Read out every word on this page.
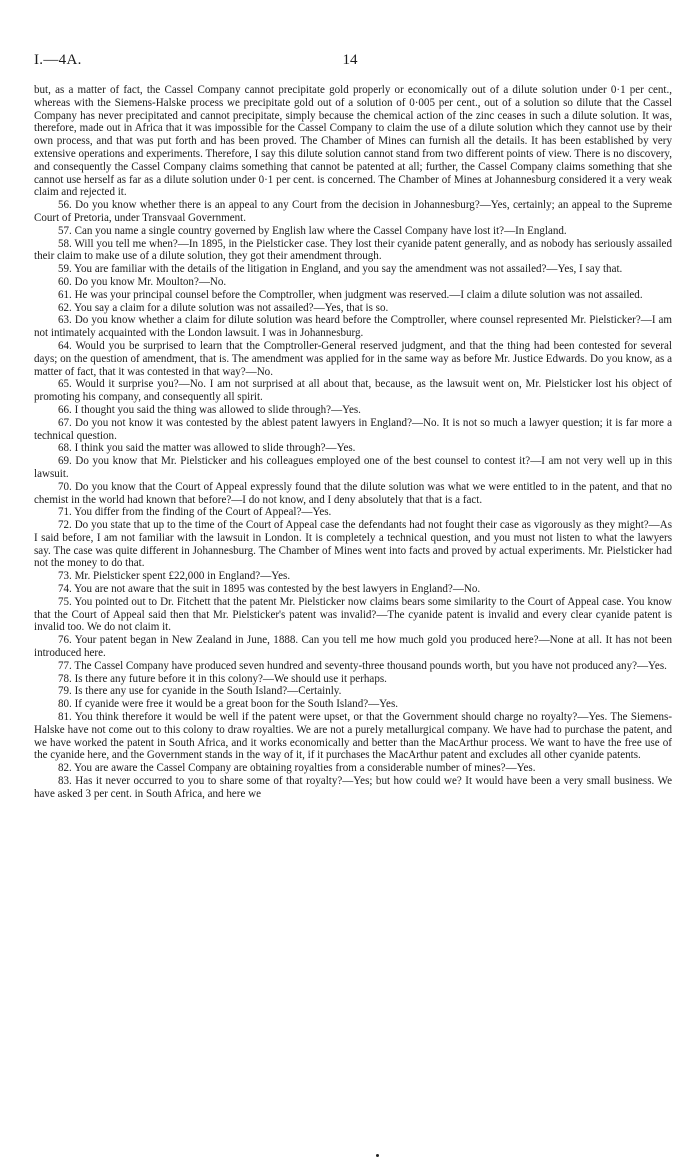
I.—4A.	14

but, as a matter of fact, the Cassel Company cannot precipitate gold properly or economically out of a dilute solution under 0·1 per cent., whereas with the Siemens-Halske process we precipitate gold out of a solution of 0·005 per cent., out of a solution so dilute that the Cassel Company has never precipitated and cannot precipitate, simply because the chemical action of the zinc ceases in such a dilute solution. It was, therefore, made out in Africa that it was impossible for the Cassel Company to claim the use of a dilute solution which they cannot use by their own process, and that was put forth and has been proved. The Chamber of Mines can furnish all the details. It has been established by very extensive operations and experiments. Therefore, I say this dilute solution cannot stand from two different points of view. There is no discovery, and consequently the Cassel Company claims something that cannot be patented at all; further, the Cassel Company claims something that she cannot use herself as far as a dilute solution under 0·1 per cent. is concerned. The Chamber of Mines at Johannesburg considered it a very weak claim and rejected it.

56. Do you know whether there is an appeal to any Court from the decision in Johannesburg?—Yes, certainly; an appeal to the Supreme Court of Pretoria, under Transvaal Government.

57. Can you name a single country governed by English law where the Cassel Company have lost it?—In England.

58. Will you tell me when?—In 1895, in the Pielsticker case. They lost their cyanide patent generally, and as nobody has seriously assailed their claim to make use of a dilute solution, they got their amendment through.

59. You are familiar with the details of the litigation in England, and you say the amendment was not assailed?—Yes, I say that.

60. Do you know Mr. Moulton?—No.

61. He was your principal counsel before the Comptroller, when judgment was reserved.—I claim a dilute solution was not assailed.

62. You say a claim for a dilute solution was not assailed?—Yes, that is so.

63. Do you know whether a claim for dilute solution was heard before the Comptroller, where counsel represented Mr. Pielsticker?—I am not intimately acquainted with the London lawsuit. I was in Johannesburg.

64. Would you be surprised to learn that the Comptroller-General reserved judgment, and that the thing had been contested for several days; on the question of amendment, that is. The amendment was applied for in the same way as before Mr. Justice Edwards. Do you know, as a matter of fact, that it was contested in that way?—No.

65. Would it surprise you?—No. I am not surprised at all about that, because, as the lawsuit went on, Mr. Pielsticker lost his object of promoting his company, and consequently all spirit.

66. I thought you said the thing was allowed to slide through?—Yes.

67. Do you not know it was contested by the ablest patent lawyers in England?—No. It is not so much a lawyer question; it is far more a technical question.

68. I think you said the matter was allowed to slide through?—Yes.

69. Do you know that Mr. Pielsticker and his colleagues employed one of the best counsel to contest it?—I am not very well up in this lawsuit.

70. Do you know that the Court of Appeal expressly found that the dilute solution was what we were entitled to in the patent, and that no chemist in the world had known that before?—I do not know, and I deny absolutely that that is a fact.

71. You differ from the finding of the Court of Appeal?—Yes.

72. Do you state that up to the time of the Court of Appeal case the defendants had not fought their case as vigorously as they might?—As I said before, I am not familiar with the lawsuit in London. It is completely a technical question, and you must not listen to what the lawyers say. The case was quite different in Johannesburg. The Chamber of Mines went into facts and proved by actual experiments. Mr. Pielsticker had not the money to do that.

73. Mr. Pielsticker spent £22,000 in England?—Yes.

74. You are not aware that the suit in 1895 was contested by the best lawyers in England?—No.

75. You pointed out to Dr. Fitchett that the patent Mr. Pielsticker now claims bears some similarity to the Court of Appeal case. You know that the Court of Appeal said then that Mr. Pielsticker's patent was invalid?—The cyanide patent is invalid and every clear cyanide patent is invalid too. We do not claim it.

76. Your patent began in New Zealand in June, 1888. Can you tell me how much gold you produced here?—None at all. It has not been introduced here.

77. The Cassel Company have produced seven hundred and seventy-three thousand pounds worth, but you have not produced any?—Yes.

78. Is there any future before it in this colony?—We should use it perhaps.

79. Is there any use for cyanide in the South Island?—Certainly.

80. If cyanide were free it would be a great boon for the South Island?—Yes.

81. You think therefore it would be well if the patent were upset, or that the Government should charge no royalty?—Yes. The Siemens-Halske have not come out to this colony to draw royalties. We are not a purely metallurgical company. We have had to purchase the patent, and we have worked the patent in South Africa, and it works economically and better than the MacArthur process. We want to have the free use of the cyanide here, and the Government stands in the way of it, if it purchases the MacArthur patent and excludes all other cyanide patents.

82. You are aware the Cassel Company are obtaining royalties from a considerable number of mines?—Yes.

83. Has it never occurred to you to share some of that royalty?—Yes; but how could we? It would have been a very small business. We have asked 3 per cent. in South Africa, and here we
